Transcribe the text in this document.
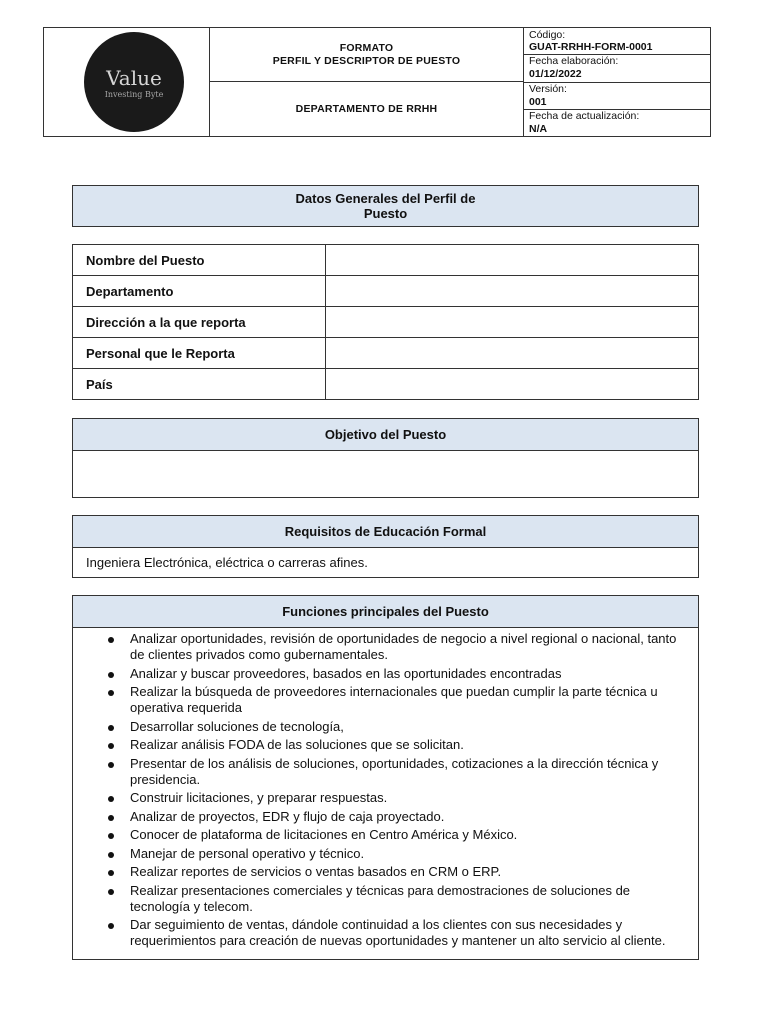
Value
Investing Byte
FORMATO
PERFIL Y DESCRIPTOR DE PUESTO
DEPARTAMENTO DE RRHH
Código:
GUAT-RRHH-FORM-0001
Fecha elaboración:
01/12/2022
Versión:
001
Fecha de actualización:
N/A
Datos Generales del Perfil de
Puesto
Nombre del Puesto	
Departamento	
Dirección a la que reporta	
Personal que le Reporta	
País	
Objetivo del Puesto
Requisitos de Educación Formal
Ingeniera Electrónica, eléctrica o carreras afines.
Funciones principales del Puesto
Analizar oportunidades, revisión de oportunidades de negocio a nivel regional o nacional, tanto de clientes privados como gubernamentales.
Analizar y buscar proveedores, basados en las oportunidades encontradas
Realizar la búsqueda de proveedores internacionales que puedan cumplir la parte técnica u operativa requerida
Desarrollar soluciones de tecnología,
Realizar análisis FODA de las soluciones que se solicitan.
Presentar de los análisis de soluciones, oportunidades, cotizaciones a la dirección técnica y presidencia.
Construir licitaciones, y preparar respuestas.
Analizar de proyectos, EDR y flujo de caja proyectado.
Conocer de plataforma de licitaciones en Centro América y México.
Manejar de personal operativo y técnico.
Realizar reportes de servicios o ventas basados en CRM o ERP.
Realizar presentaciones comerciales y técnicas para demostraciones de soluciones de tecnología y telecom.
Dar seguimiento de ventas, dándole continuidad a los clientes con sus necesidades y requerimientos para creación de nuevas oportunidades y mantener un alto servicio al cliente.
